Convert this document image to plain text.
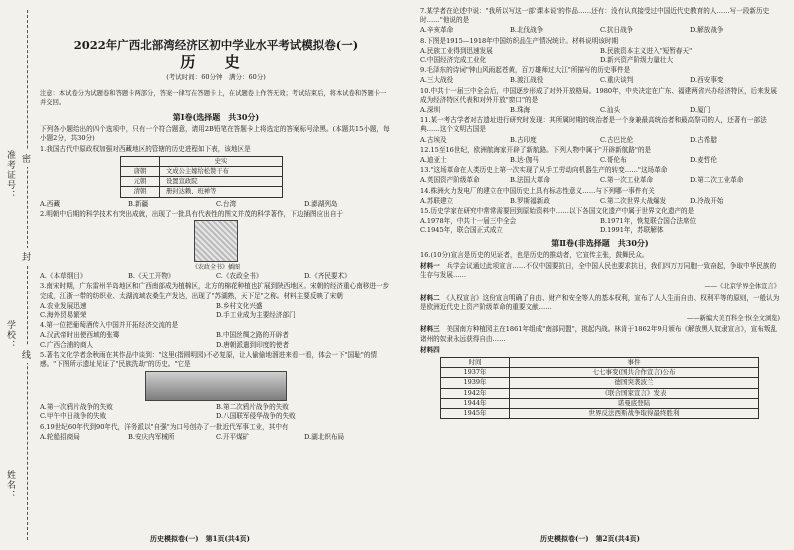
准考证号：
学校：
姓名：
密
封
线
2022年广西北部湾经济区初中学业水平考试模拟卷(一)
历 史
(考试时间：60分钟　满分：60分)
注意：本试卷分为试题卷和答题卡两部分，答案一律写在答题卡上，在试题卷上作答无效；考试结束后，将本试卷和答题卡一并交回。
第Ⅰ卷(选择题　共30分)
下列各小题给出的四个选项中，只有一个符合题意，请用2B铅笔在答题卡上将选定的答案标号涂黑。(本题共15小题，每小题2分，共30分)
1.我国古代中原政权加强对西藏地区的管辖的历史进程如下表，该地区是
	史实
唐朝	文成公主嫁给松赞干布
元朝	设置宣政院
清朝	册封达赖、班禅等
A.西藏	B.新疆	C.台湾	D.澎湖列岛
2.明朝中后期的科学技术有突出成就，出现了一批具有代表性的图文并茂的科学著作，下边插图应出自于
《农政全书》插图
A.《本草纲目》	B.《天工开物》	C.《农政全书》	D.《齐民要术》
3.南宋时期，广东雷州半岛地区和广西南部成为植棉区，北方的棉花种植也扩展到陕西地区。宋朝的经济重心南移进一步完成，江浙一带的纺织业、太湖流域农桑生产发达，出现了"苏湖熟，天下足"之称。材料主要反映了宋朝
A.农业发展迅速	B.乡村文化兴盛
C.海外贸易繁荣	D.手工业成为主要经济部门
4.第一位把葡萄酒传入中国并开拓经济交流的是
A.汉武帝时出使西域的张骞	B.中国丝绸之路的开辟者
C.广西合浦的商人	D.唐朝派遣到印度的使者
5.著名文化学者余秋雨在其作品中谈到："这里(指圆明园)不必复原，让人偷偷地溜进来看一看，体会一下"国耻"的情感。"下图所示遗址见证了"民族洗劫"的历史。"它是
A.第一次鸦片战争的失败	B.第二次鸦片战争的失败
C.甲午中日战争的失败	D.八国联军侵华战争的失败
6.19世纪60年代到90年代，洋务派以"自强"为口号创办了一批近代军事工业，其中有
A.轮船招商局	B.安庆内军械所	C.开平煤矿	D.湖北织布局
历史模拟卷(一)　第1页(共4页)
7.某学者在论述中说："我所以写这一部'课本说'的作品……还有：没有认真接受过中国近代史教育的人……写一段新历史时……"他说的是
A.辛亥革命	B.北伐战争	C.抗日战争	D.解放战争
8.下图是1915—1918年中国纺织品生产情况统计。材料说明该时期
A.民族工业得到迅速发展	B.民族资本主义进入"短暂春天"
C.中国经济完成工业化	D.新兴资产阶级力量壮大
9.毛泽东的诗词"钟山风雨起苍黄，百万雄师过大江"所描写的历史事件是
A.三大战役	B.渡江战役	C.重庆谈判	D.西安事变
10.中共十一届三中全会后，中国逐步形成了对外开放格局。1980年，中央决定在广东、福建两省兴办经济特区，后来发展成为经济特区代表和对外开放"窗口"的是
A.深圳	B.珠海	C.汕头	D.厦门
11.某一考古学者对古遗址进行研究时发现：其所属时期的统治者是一个身兼最高统治者和最高祭司的人，还著有一部法典……这个文明古国是
A.古埃及	B.古印度	C.古巴比伦	D.古希腊
12.15至16世纪，欧洲航海家开辟了新航路。下列人物中属于"开辟新航路"的是
A.迪亚士	B.达·伽马	C.哥伦布	D.麦哲伦
13."这场革命在人类历史上第一次实现了从手工劳动向机器生产的转变……"这场革命
A.英国资产阶级革命	B.法国大革命	C.第一次工业革命	D.第二次工业革命
14.株洲火力发电厂的建立在中国历史上具有标志性意义……与下列哪一事件有关
A.苏联建立	B.罗斯福新政	C.第二次世界大战爆发	D.冷战开始
15.历史学家在研究中常常需要回到原始资料中……以下各国文化遗产中属于世界文化遗产的是
A.1978年，中共十一届三中全会	B.1971年，恢复联合国合法席位
C.1945年，联合国正式成立	D.1991年，苏联解体
第Ⅱ卷(非选择题　共30分)
16.(10分)宣言是历史的见证者，也是历史的推动者，它宣传主张，鼓舞民众。
材料一　 兵学会议通过此项宣言……不仅中国要抗日，全中国人民也要求抗日，我们四万万同胞一致奋起，争取中华民族的生存与发展……
——《北京学界全体宣言》
材料二　 《人权宣言》这份宣言明确了自由、财产和安全等人的基本权利，宣布了人人生而自由、权利平等的原则，一般认为是欧洲近代史上资产阶级革命的重要文献……
——新编大美百科全书(全文浏览)
材料三　 美国南方种植园主在1861年组成"南部同盟"，挑起内战。林肯于1862年9月颁布《解放黑人奴隶宣言》，宣布叛乱诸州的奴隶永远获得自由……
材料四
时间	事件
1937年	七七事变(国共合作宣言)公布
1939年	德国突袭波兰
1942年	《联合国家宣言》发表
1944年	诺曼底登陆
1945年	世界反法西斯战争取得最终胜利
历史模拟卷(一)　第2页(共4页)
